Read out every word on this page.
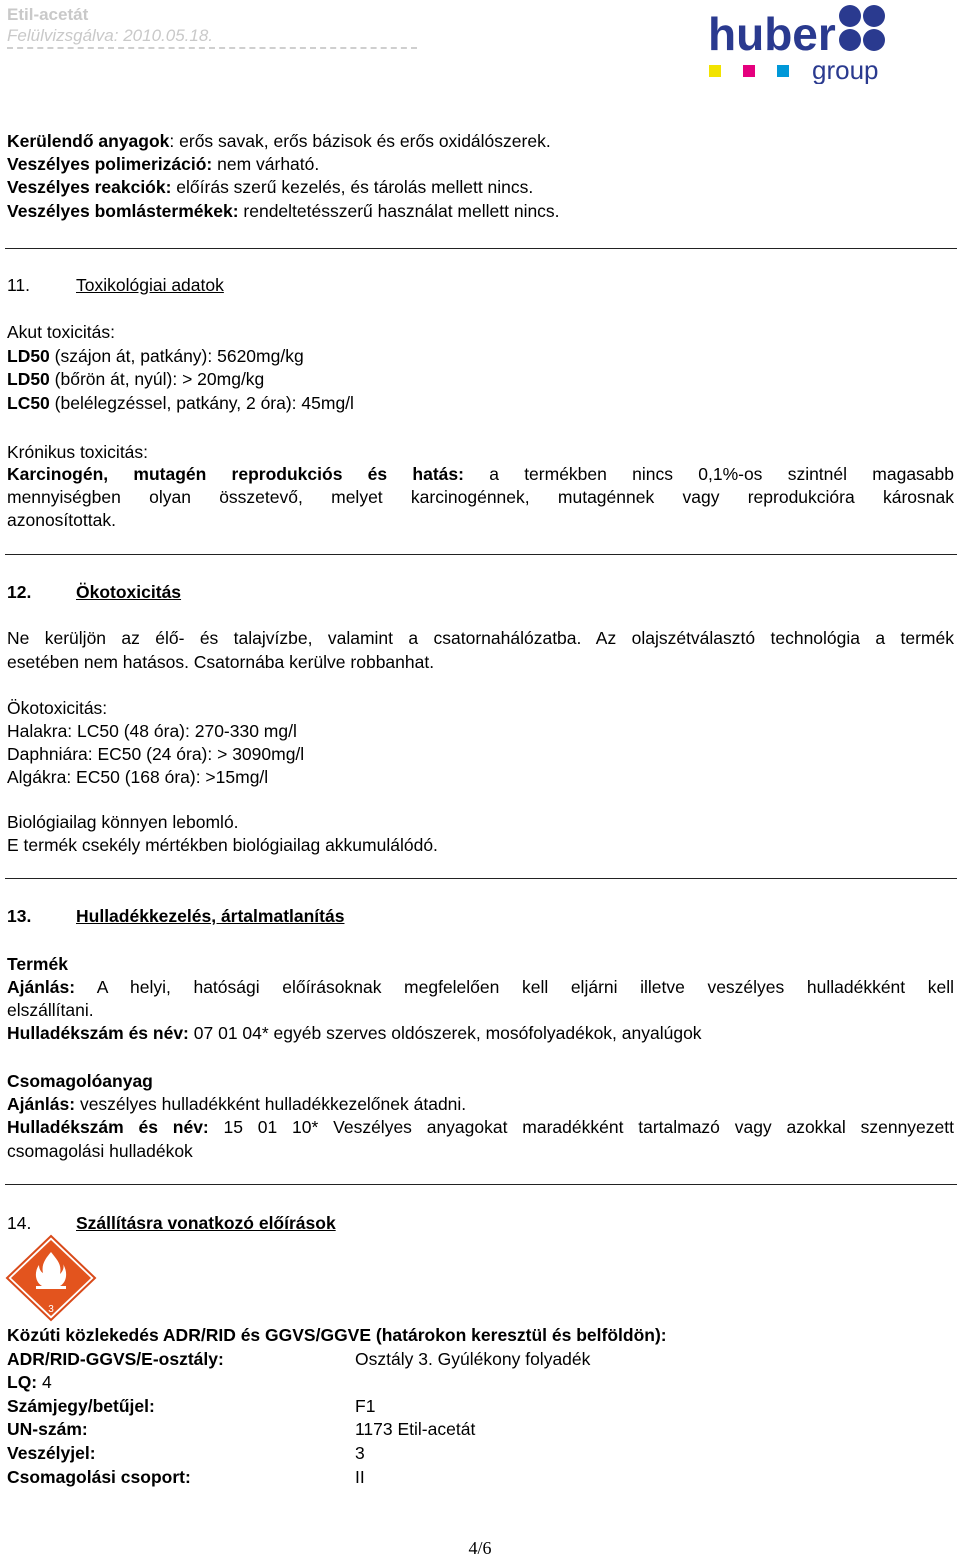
Etil-acetát
Felülvizsgálva: 2010.05.18.	huber
group
Kerülendő anyagok: erős savak, erős bázisok és erős oxidálószerek.
Veszélyes polimerizáció: nem várható.
Veszélyes reakciók: előírás szerű kezelés, és tárolás mellett nincs.
Veszélyes bomlástermékek: rendeltetésszerű használat mellett nincs.
11.	Toxikológiai adatok
Akut toxicitás:
LD50 (szájon át, patkány): 5620mg/kg
LD50 (bőrön át, nyúl): > 20mg/kg
LC50 (belélegzéssel, patkány, 2 óra): 45mg/l
Krónikus toxicitás:
Karcinogén, mutagén reprodukciós és hatás: a termékben nincs 0,1%-os szintnél magasabb
mennyiségben olyan összetevő, melyet karcinogénnek, mutagénnek vagy reprodukcióra károsnak
azonosítottak.
12.	Ökotoxicitás
Ne kerüljön az élő- és talajvízbe, valamint a csatornahálózatba. Az olajszétválasztó technológia a termék
esetében nem hatásos. Csatornába kerülve robbanhat.
Ökotoxicitás:
Halakra: LC50 (48 óra): 270-330 mg/l
Daphniára: EC50 (24 óra): > 3090mg/l
Algákra: EC50 (168 óra): >15mg/l
Biológiailag könnyen lebomló.
E termék csekély mértékben biológiailag akkumulálódó.
13.	Hulladékkezelés, ártalmatlanítás
Termék
Ajánlás: A helyi, hatósági előírásoknak megfelelően kell eljárni illetve veszélyes hulladékként kell
elszállítani.
Hulladékszám és név: 07 01 04* egyéb szerves oldószerek, mosófolyadékok, anyalúgok
Csomagolóanyag
Ajánlás: veszélyes hulladékként hulladékkezelőnek átadni.
Hulladékszám és név: 15 01 10* Veszélyes anyagokat maradékként tartalmazó vagy azokkal szennyezett
csomagolási hulladékok
14.	Szállításra vonatkozó előírások
3
Közúti közlekedés ADR/RID és GGVS/GGVE (határokon keresztül és belföldön):
ADR/RID-GGVS/E-osztály:	Osztály 3. Gyúlékony folyadék
LQ: 4
Számjegy/betűjel:	F1
UN-szám:	1173 Etil-acetát
Veszélyjel:	3
Csomagolási csoport:	II
4/6
